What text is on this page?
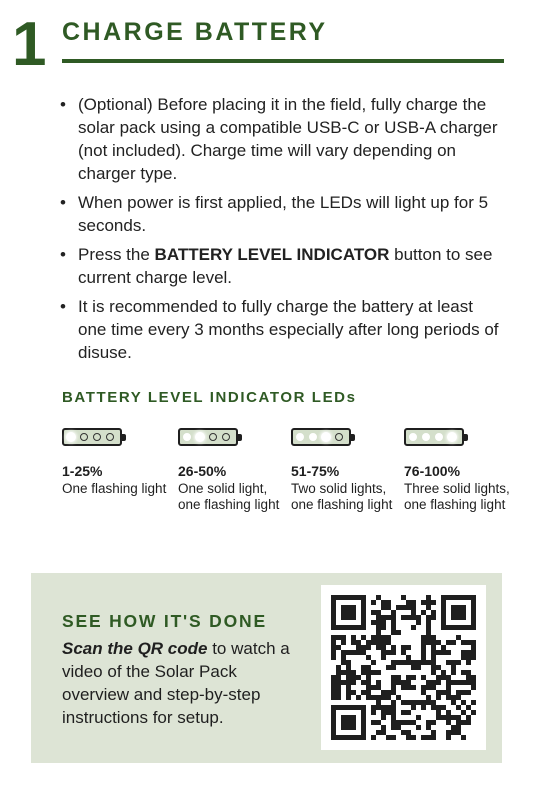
1 CHARGE BATTERY
• (Optional) Before placing it in the field, fully charge the solar pack using a compatible USB-C or USB-A charger (not included). Charge time will vary depending on charger type.
• When power is first applied, the LEDs will light up for 5 seconds.
• Press the BATTERY LEVEL INDICATOR button to see current charge level.
• It is recommended to fully charge the battery at least one time every 3 months especially after long periods of disuse.
BATTERY LEVEL INDICATOR LEDs
1-25%
One flashing light
26-50%
One solid light, one flashing light
51-75%
Two solid lights, one flashing light
76-100%
Three solid lights, one flashing light
SEE HOW IT'S DONE
Scan the QR code to watch a video of the Solar Pack overview and step-by-step instructions for setup.
